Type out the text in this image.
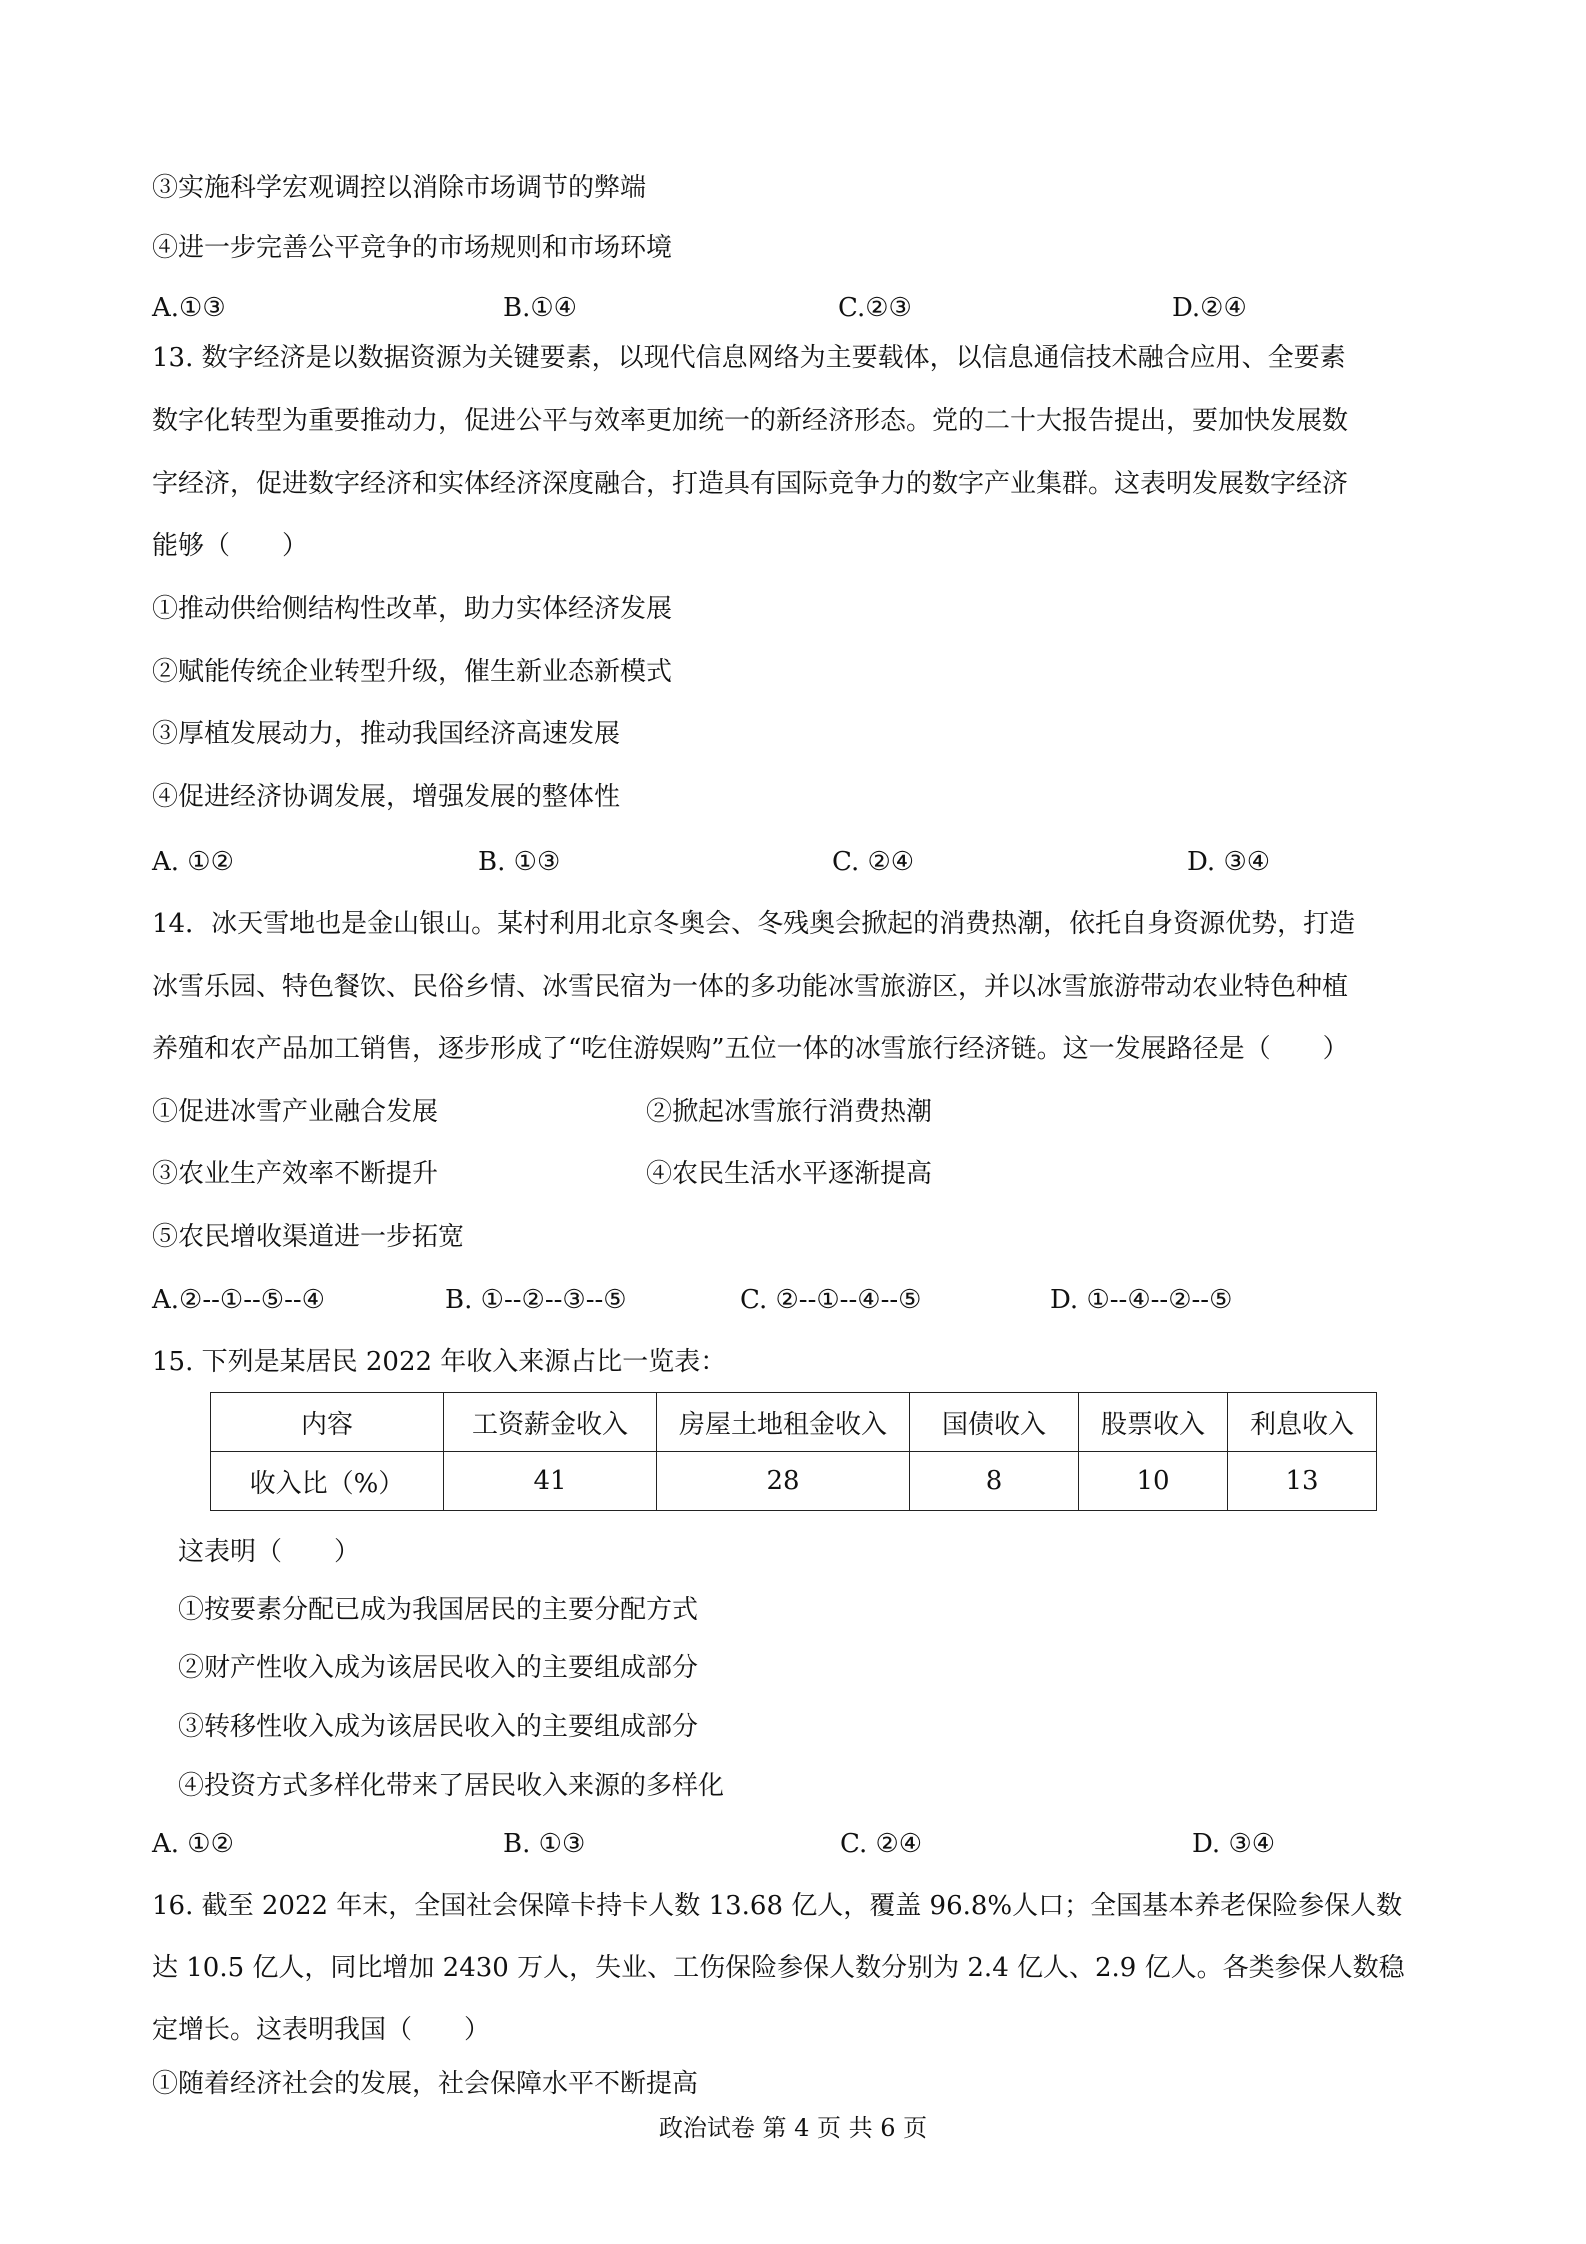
③实施科学宏观调控以消除市场调节的弊端
④进一步完善公平竞争的市场规则和市场环境
A.①③	B.①④	C.②③	D.②④
13. 数字经济是以数据资源为关键要素，以现代信息网络为主要载体，以信息通信技术融合应用、全要素
数字化转型为重要推动力，促进公平与效率更加统一的新经济形态。党的二十大报告提出，要加快发展数
字经济，促进数字经济和实体经济深度融合，打造具有国际竞争力的数字产业集群。这表明发展数字经济
能够（　　）
①推动供给侧结构性改革，助力实体经济发展
②赋能传统企业转型升级，催生新业态新模式
③厚植发展动力，推动我国经济高速发展
④促进经济协调发展，增强发展的整体性
A. ①②	B. ①③	C. ②④	D. ③④
14．冰天雪地也是金山银山。某村利用北京冬奥会、冬残奥会掀起的消费热潮，依托自身资源优势，打造
冰雪乐园、特色餐饮、民俗乡情、冰雪民宿为一体的多功能冰雪旅游区，并以冰雪旅游带动农业特色种植
养殖和农产品加工销售，逐步形成了“吃住游娱购”五位一体的冰雪旅行经济链。这一发展路径是（　　）
①促进冰雪产业融合发展	②掀起冰雪旅行消费热潮
③农业生产效率不断提升	④农民生活水平逐渐提高
⑤农民增收渠道进一步拓宽
A.②--①--⑤--④	B. ①--②--③--⑤	C. ②--①--④--⑤	D. ①--④--②--⑤
15. 下列是某居民 2022 年收入来源占比一览表：
内容	工资薪金收入	房屋土地租金收入	国债收入	股票收入	利息收入
收入比（%）	41	28	8	10	13
这表明（　　）
①按要素分配已成为我国居民的主要分配方式
②财产性收入成为该居民收入的主要组成部分
③转移性收入成为该居民收入的主要组成部分
④投资方式多样化带来了居民收入来源的多样化
A. ①②	B. ①③	C. ②④	D. ③④
16. 截至 2022 年末，全国社会保障卡持卡人数 13.68 亿人，覆盖 96.8%人口；全国基本养老保险参保人数
达 10.5 亿人，同比增加 2430 万人，失业、工伤保险参保人数分别为 2.4 亿人、2.9 亿人。各类参保人数稳
定增长。这表明我国（　　）
①随着经济社会的发展，社会保障水平不断提高
政治试卷 第 4 页 共 6 页
